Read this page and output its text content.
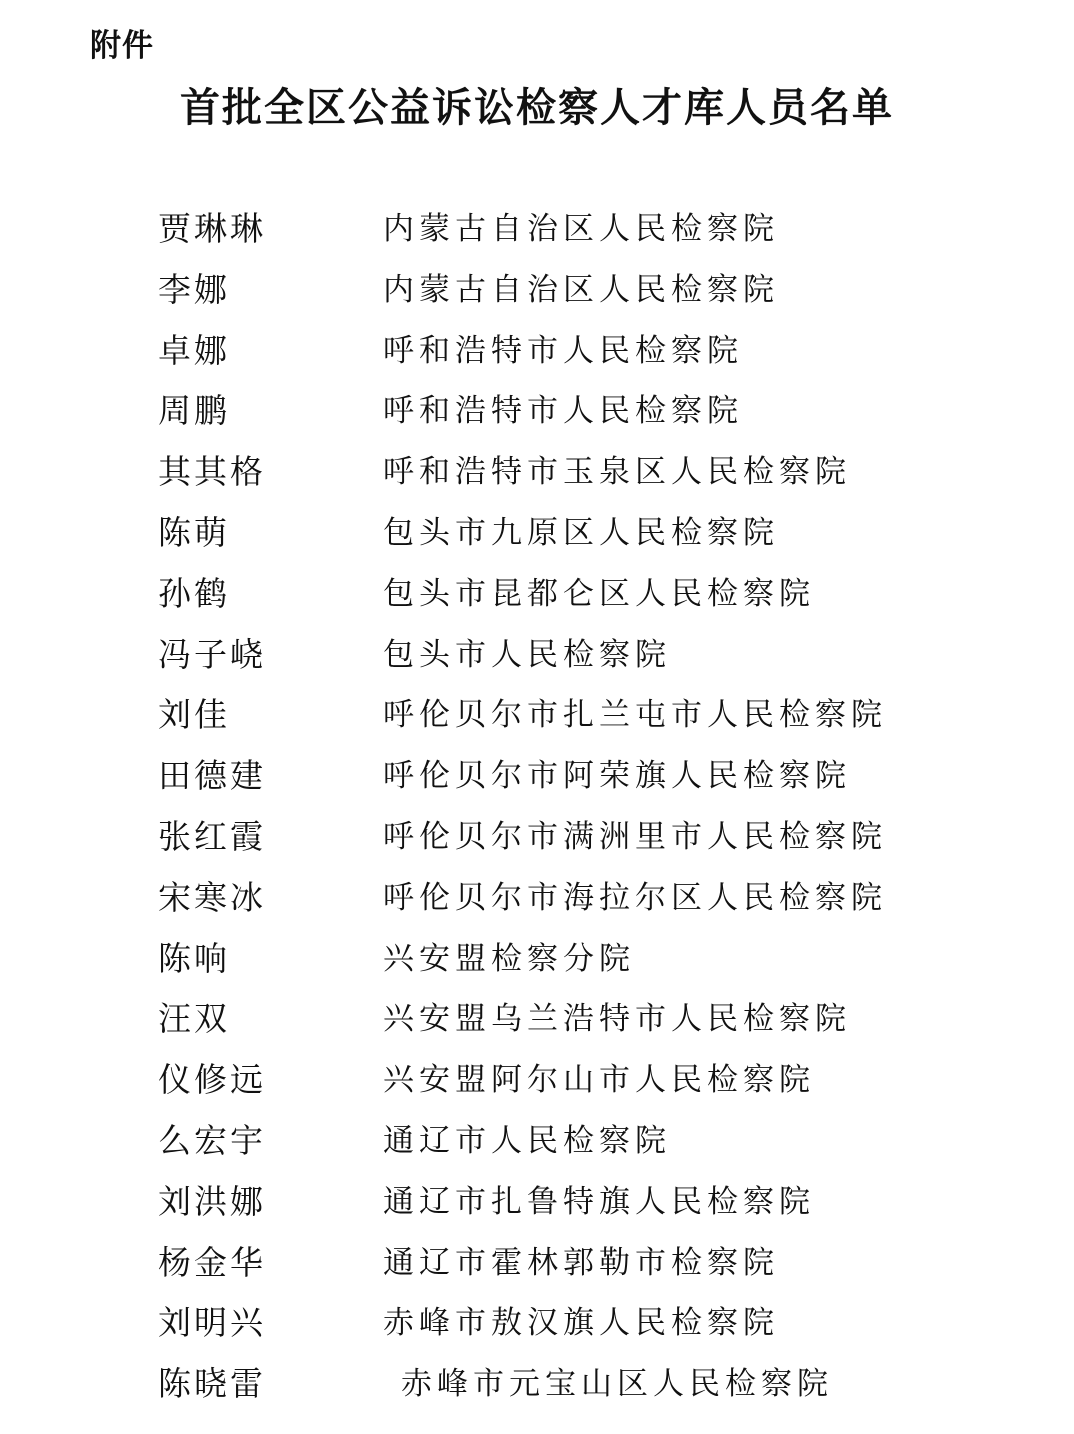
附件
首批全区公益诉讼检察人才库人员名单
贾琳琳	内蒙古自治区人民检察院
李娜	内蒙古自治区人民检察院
卓娜	呼和浩特市人民检察院
周鹏	呼和浩特市人民检察院
其其格	呼和浩特市玉泉区人民检察院
陈萌	包头市九原区人民检察院
孙鹤	包头市昆都仑区人民检察院
冯子峣	包头市人民检察院
刘佳	呼伦贝尔市扎兰屯市人民检察院
田德建	呼伦贝尔市阿荣旗人民检察院
张红霞	呼伦贝尔市满洲里市人民检察院
宋寒冰	呼伦贝尔市海拉尔区人民检察院
陈响	兴安盟检察分院
汪双	兴安盟乌兰浩特市人民检察院
仪修远	兴安盟阿尔山市人民检察院
么宏宇	通辽市人民检察院
刘洪娜	通辽市扎鲁特旗人民检察院
杨金华	通辽市霍林郭勒市检察院
刘明兴	赤峰市敖汉旗人民检察院
陈晓雷	赤峰市元宝山区人民检察院
